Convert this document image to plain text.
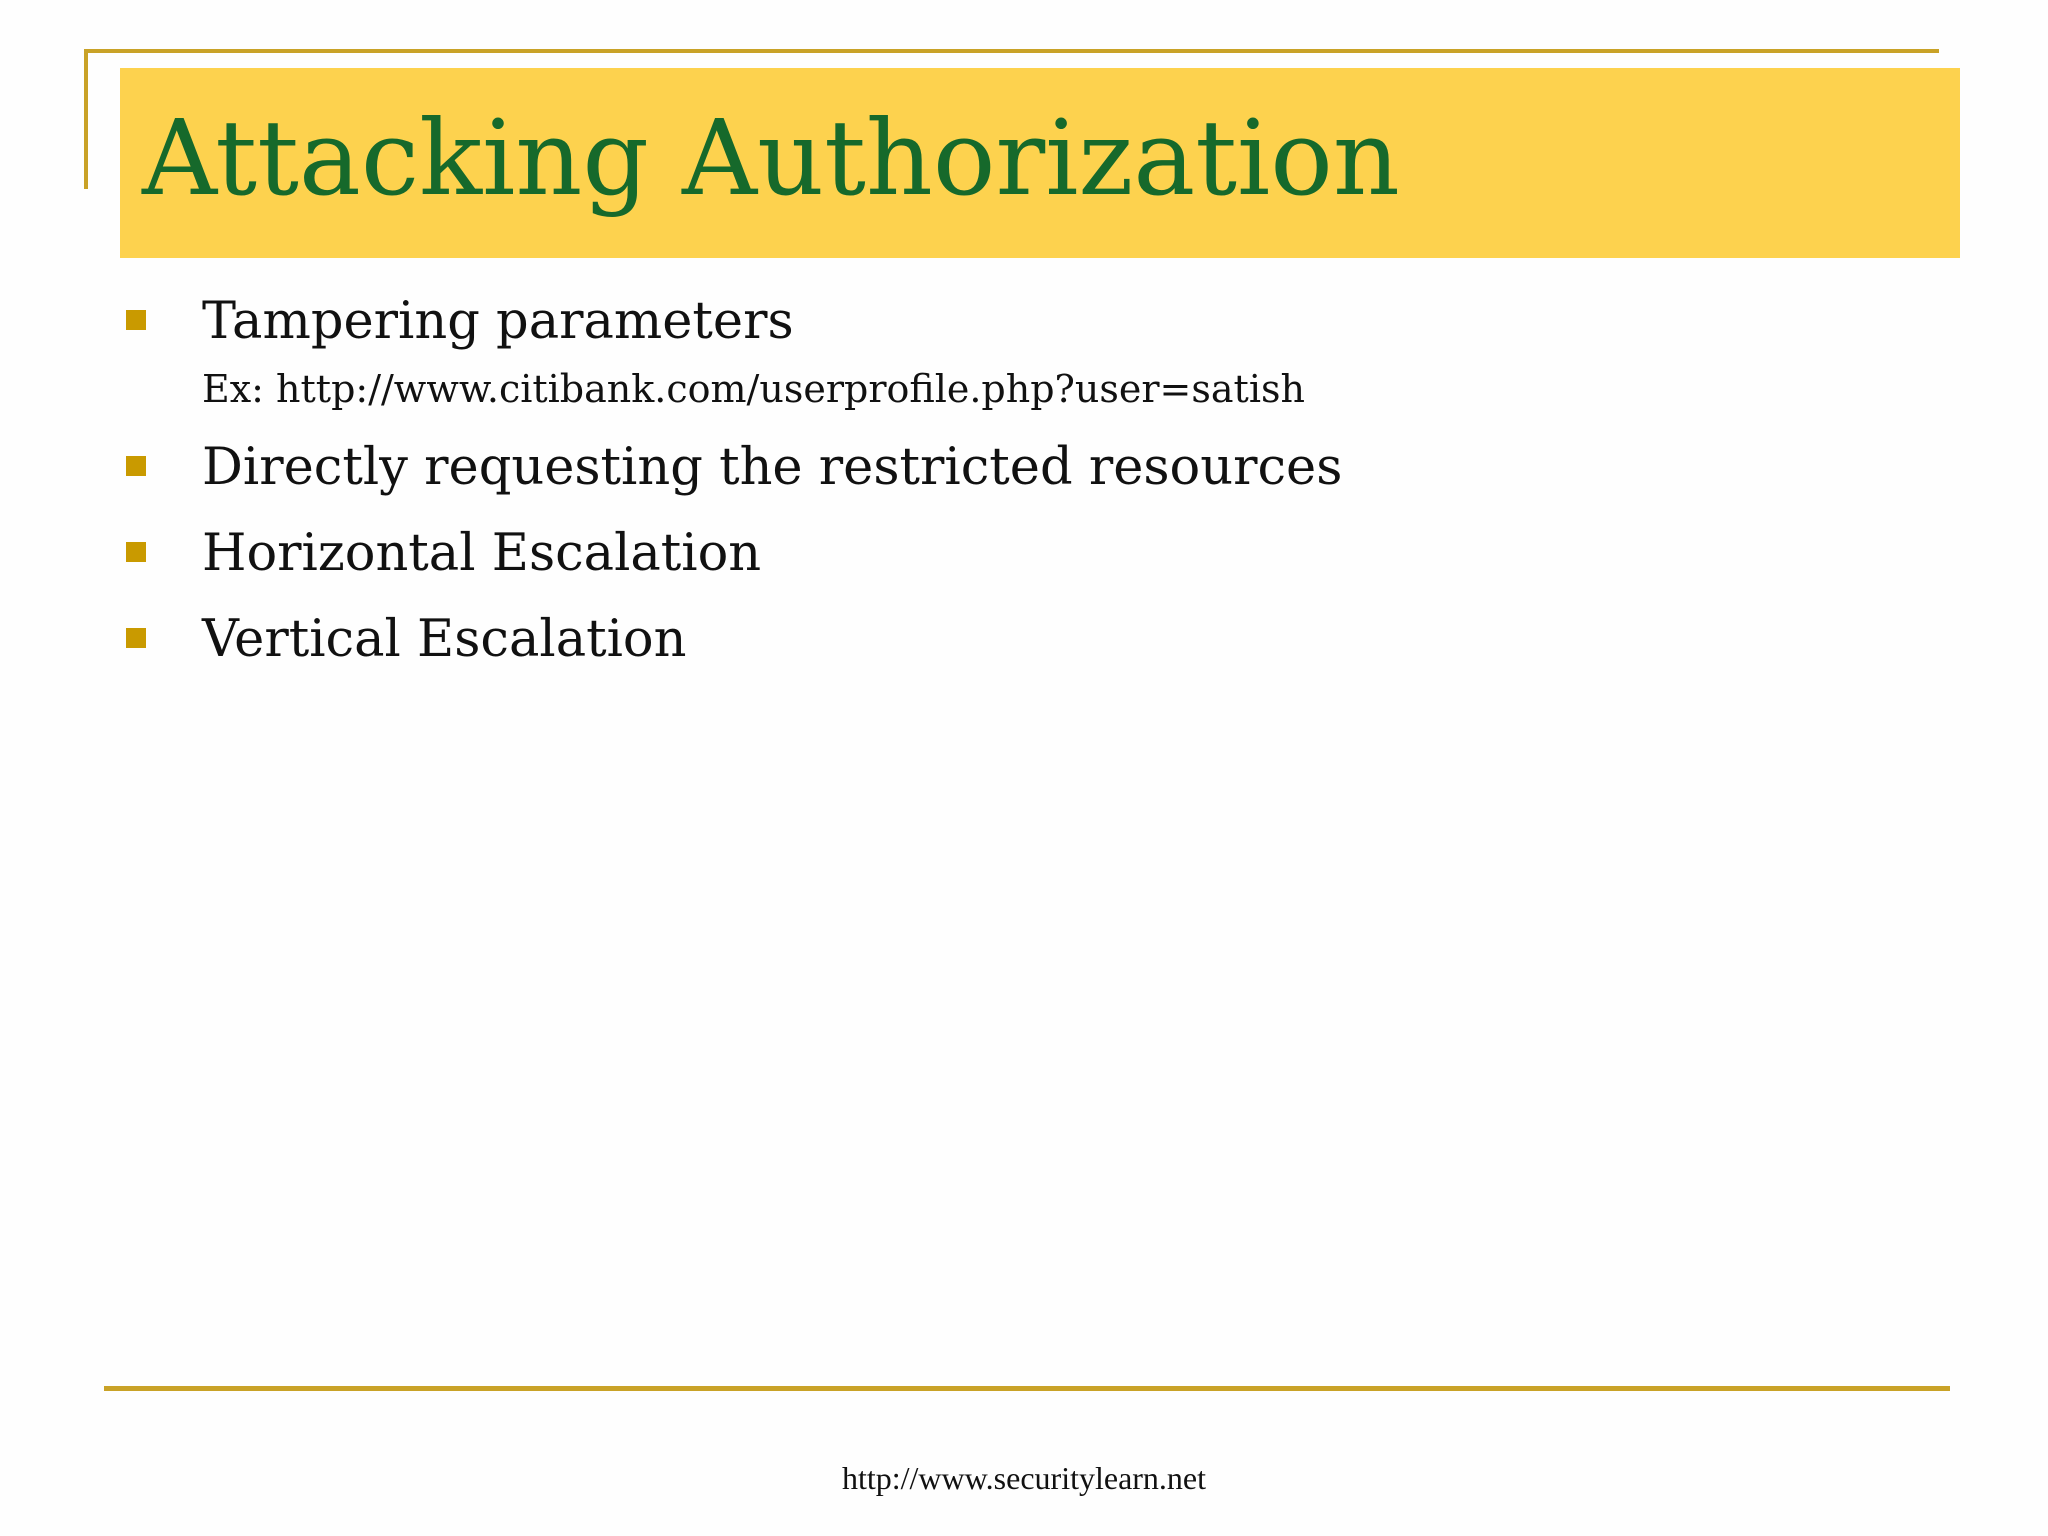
Attacking Authorization
Tampering parameters
Ex: http://www.citibank.com/userprofile.php?user=satish
Directly requesting the restricted resources
Horizontal Escalation
Vertical Escalation
http://www.securitylearn.net
